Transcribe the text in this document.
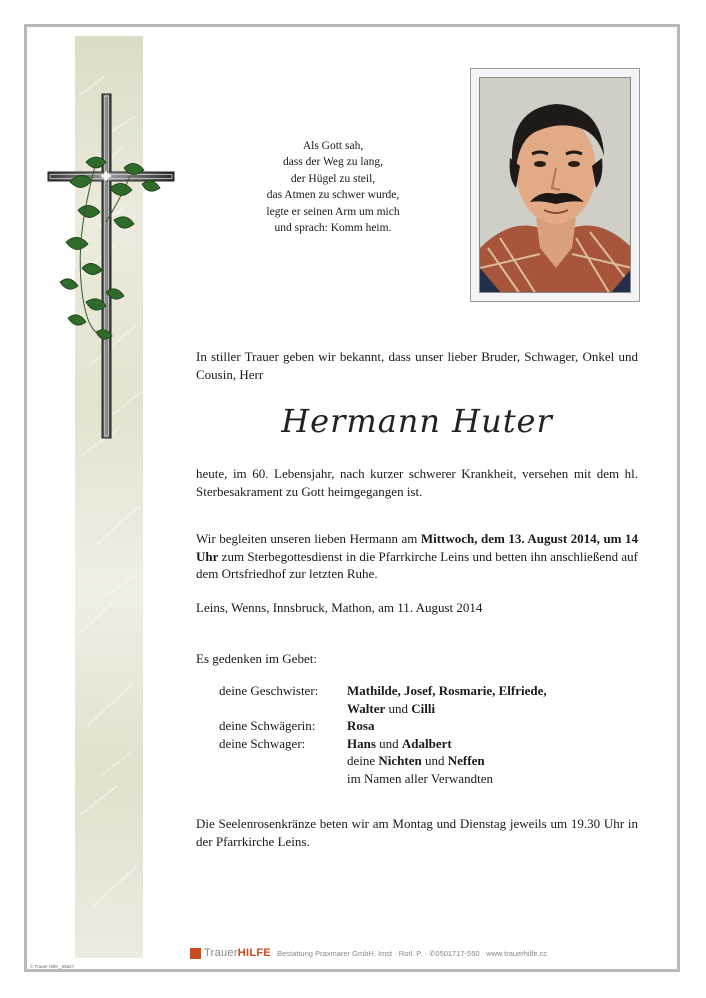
Als Gott sah,
dass der Weg zu lang,
der Hügel zu steil,
das Atmen zu schwer wurde,
legte er seinen Arm um mich
und sprach: Komm heim.
In stiller Trauer geben wir bekannt, dass unser lieber Bruder, Schwager, Onkel und Cousin, Herr
Hermann Huter
heute, im 60. Lebensjahr, nach kurzer schwerer Krankheit, versehen mit dem hl. Sterbesakrament zu Gott heimgegangen ist.
Wir begleiten unseren lieben Hermann am Mittwoch, dem 13. August 2014, um 14 Uhr zum Sterbegottesdienst in die Pfarrkirche Leins und betten ihn anschließend auf dem Ortsfriedhof zur letzten Ruhe.
Leins, Wenns, Innsbruck, Mathon, am 11. August 2014
Es gedenken im Gebet:
deine Geschwister:	Mathilde, Josef, Rosmarie, Elfriede,
Walter und Cilli
deine Schwägerin:	Rosa
deine Schwager:	Hans und Adalbert
deine Nichten und Neffen
im Namen aller Verwandten
Die Seelenrosenkränze beten wir am Montag und Dienstag jeweils um 19.30 Uhr in der Pfarrkirche Leins.
TrauerHILFE Bestattung Praxmarer GmbH, Imst · Rotl. P. · ✆0501717-550 · www.trauerhilfe.cc
© Trauer Hilfe _69a27
